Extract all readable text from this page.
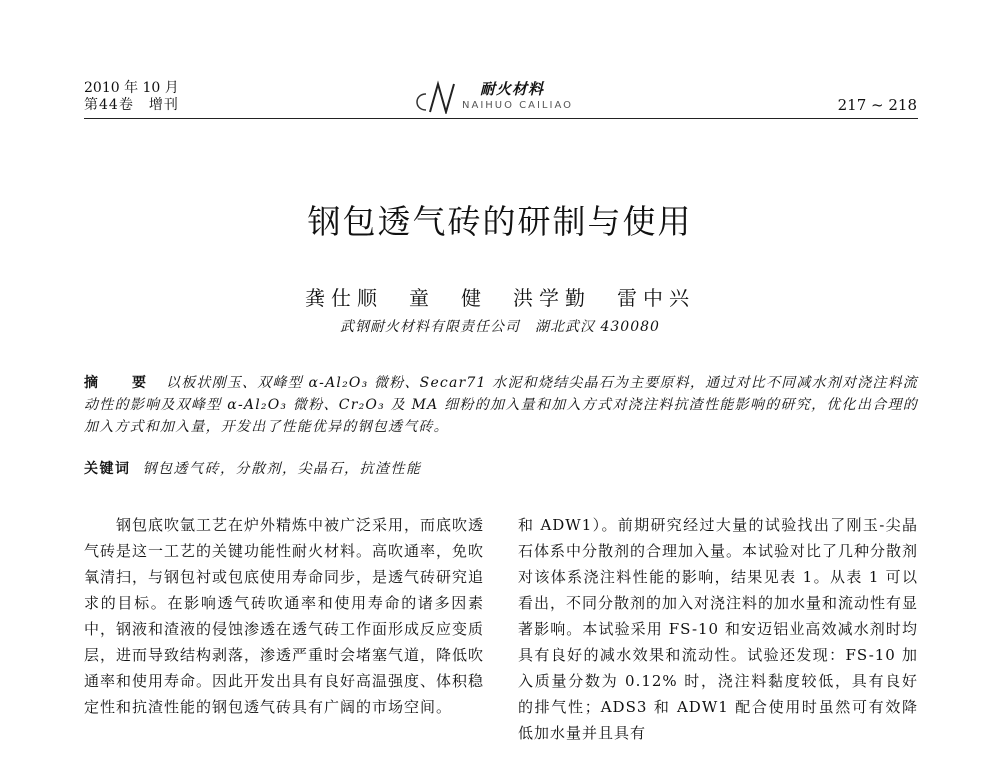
2010 年 10 月
第44卷　增刊
耐火材料
NAIHUO CAILIAO	217 ~ 218
钢包透气砖的研制与使用
龚仕顺　童　健　洪学勤　雷中兴
武钢耐火材料有限责任公司　湖北武汉 430080
摘　要 以板状刚玉、双峰型 α-Al₂O₃ 微粉、Secar71 水泥和烧结尖晶石为主要原料，通过对比不同减水剂对浇注料流动性的影响及双峰型 α-Al₂O₃ 微粉、Cr₂O₃ 及 MA 细粉的加入量和加入方式对浇注料抗渣性能影响的研究，优化出合理的加入方式和加入量，开发出了性能优异的钢包透气砖。
关键词 钢包透气砖，分散剂，尖晶石，抗渣性能

钢包底吹氩工艺在炉外精炼中被广泛采用，而底吹透气砖是这一工艺的关键功能性耐火材料。高吹通率，免吹氧清扫，与钢包衬或包底使用寿命同步，是透气砖研究追求的目标。在影响透气砖吹通率和使用寿命的诸多因素中，钢液和渣液的侵蚀渗透在透气砖工作面形成反应变质层，进而导致结构剥落，渗透严重时会堵塞气道，降低吹通率和使用寿命。因此开发出具有良好高温强度、体积稳定性和抗渣性能的钢包透气砖具有广阔的市场空间。

和 ADW1）。前期研究经过大量的试验找出了刚玉-尖晶石体系中分散剂的合理加入量。本试验对比了几种分散剂对该体系浇注料性能的影响，结果见表 1。从表 1 可以看出，不同分散剂的加入对浇注料的加水量和流动性有显著影响。本试验采用 FS-10 和安迈铝业高效减水剂时均具有良好的减水效果和流动性。试验还发现：FS-10 加入质量分数为 0.12% 时，浇注料黏度较低，具有良好的排气性；ADS3 和 ADW1 配合使用时虽然可有效降低加水量并且具有
